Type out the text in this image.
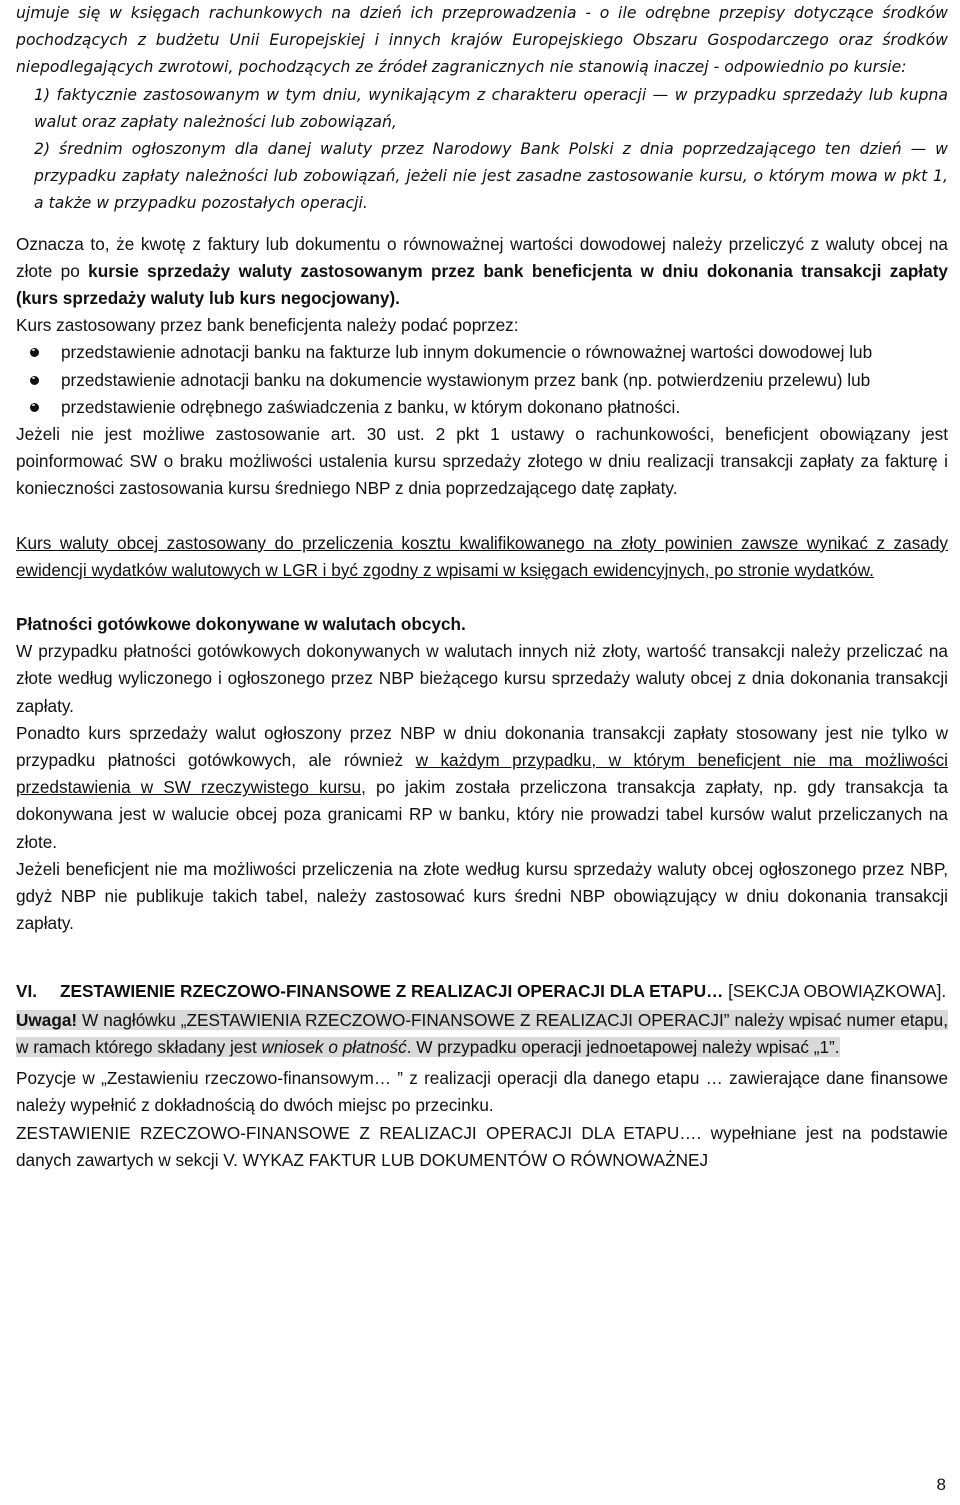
ujmuje się w księgach rachunkowych na dzień ich przeprowadzenia - o ile odrębne przepisy dotyczące środków pochodzących z budżetu Unii Europejskiej i innych krajów Europejskiego Obszaru Gospodarczego oraz środków niepodlegających zwrotowi, pochodzących ze źródeł zagranicznych nie stanowią inaczej - odpowiednio po kursie:

1) faktycznie zastosowanym w tym dniu, wynikającym z charakteru operacji — w przypadku sprzedaży lub kupna walut oraz zapłaty należności lub zobowiązań,

2) średnim ogłoszonym dla danej waluty przez Narodowy Bank Polski z dnia poprzedzającego ten dzień — w przypadku zapłaty należności lub zobowiązań, jeżeli nie jest zasadne zastosowanie kursu, o którym mowa w pkt 1, a także w przypadku pozostałych operacji.

Oznacza to, że kwotę z faktury lub dokumentu o równoważnej wartości dowodowej należy przeliczyć z waluty obcej na złote po kursie sprzedaży waluty zastosowanym przez bank beneficjenta w dniu dokonania transakcji zapłaty (kurs sprzedaży waluty lub kurs negocjowany).

Kurs zastosowany przez bank beneficjenta należy podać poprzez:

przedstawienie adnotacji banku na fakturze lub innym dokumencie o równoważnej wartości dowodowej lub

przedstawienie adnotacji banku na dokumencie wystawionym przez bank (np. potwierdzeniu przelewu) lub

przedstawienie odrębnego zaświadczenia z banku, w którym dokonano płatności.

Jeżeli nie jest możliwe zastosowanie art. 30 ust. 2 pkt 1 ustawy o rachunkowości, beneficjent obowiązany jest poinformować SW o braku możliwości ustalenia kursu sprzedaży złotego w dniu realizacji transakcji zapłaty za fakturę i konieczności zastosowania kursu średniego NBP z dnia poprzedzającego datę zapłaty.

Kurs waluty obcej zastosowany do przeliczenia kosztu kwalifikowanego na złoty powinien zawsze wynikać z zasady ewidencji wydatków walutowych w LGR i być zgodny z wpisami w księgach ewidencyjnych, po stronie wydatków.

Płatności gotówkowe dokonywane w walutach obcych.

W przypadku płatności gotówkowych dokonywanych w walutach innych niż złoty, wartość transakcji należy przeliczać na złote według wyliczonego i ogłoszonego przez NBP bieżącego kursu sprzedaży waluty obcej z dnia dokonania transakcji zapłaty.

Ponadto kurs sprzedaży walut ogłoszony przez NBP w dniu dokonania transakcji zapłaty stosowany jest nie tylko w przypadku płatności gotówkowych, ale również w każdym przypadku, w którym beneficjent nie ma możliwości przedstawienia w SW rzeczywistego kursu, po jakim została przeliczona transakcja zapłaty, np. gdy transakcja ta dokonywana jest w walucie obcej poza granicami RP w banku, który nie prowadzi tabel kursów walut przeliczanych na złote.

Jeżeli beneficjent nie ma możliwości przeliczenia na złote według kursu sprzedaży waluty obcej ogłoszonego przez NBP, gdyż NBP nie publikuje takich tabel, należy zastosować kurs średni NBP obowiązujący w dniu dokonania transakcji zapłaty.

VI.	ZESTAWIENIE RZECZOWO-FINANSOWE Z REALIZACJI OPERACJI DLA ETAPU… [SEKCJA OBOWIĄZKOWA].

Uwaga! W nagłówku „ZESTAWIENIA RZECZOWO-FINANSOWE Z REALIZACJI OPERACJI” należy wpisać numer etapu, w ramach którego składany jest wniosek o płatność. W przypadku operacji jednoetapowej należy wpisać „1”.

Pozycje w „Zestawieniu rzeczowo-finansowym… ” z realizacji operacji dla danego etapu … zawierające dane finansowe należy wypełnić z dokładnością do dwóch miejsc po przecinku.

ZESTAWIENIE RZECZOWO-FINANSOWE Z REALIZACJI OPERACJI DLA ETAPU…. wypełniane jest na podstawie danych zawartych w sekcji V. WYKAZ FAKTUR LUB DOKUMENTÓW O RÓWNOWAŻNEJ

8
